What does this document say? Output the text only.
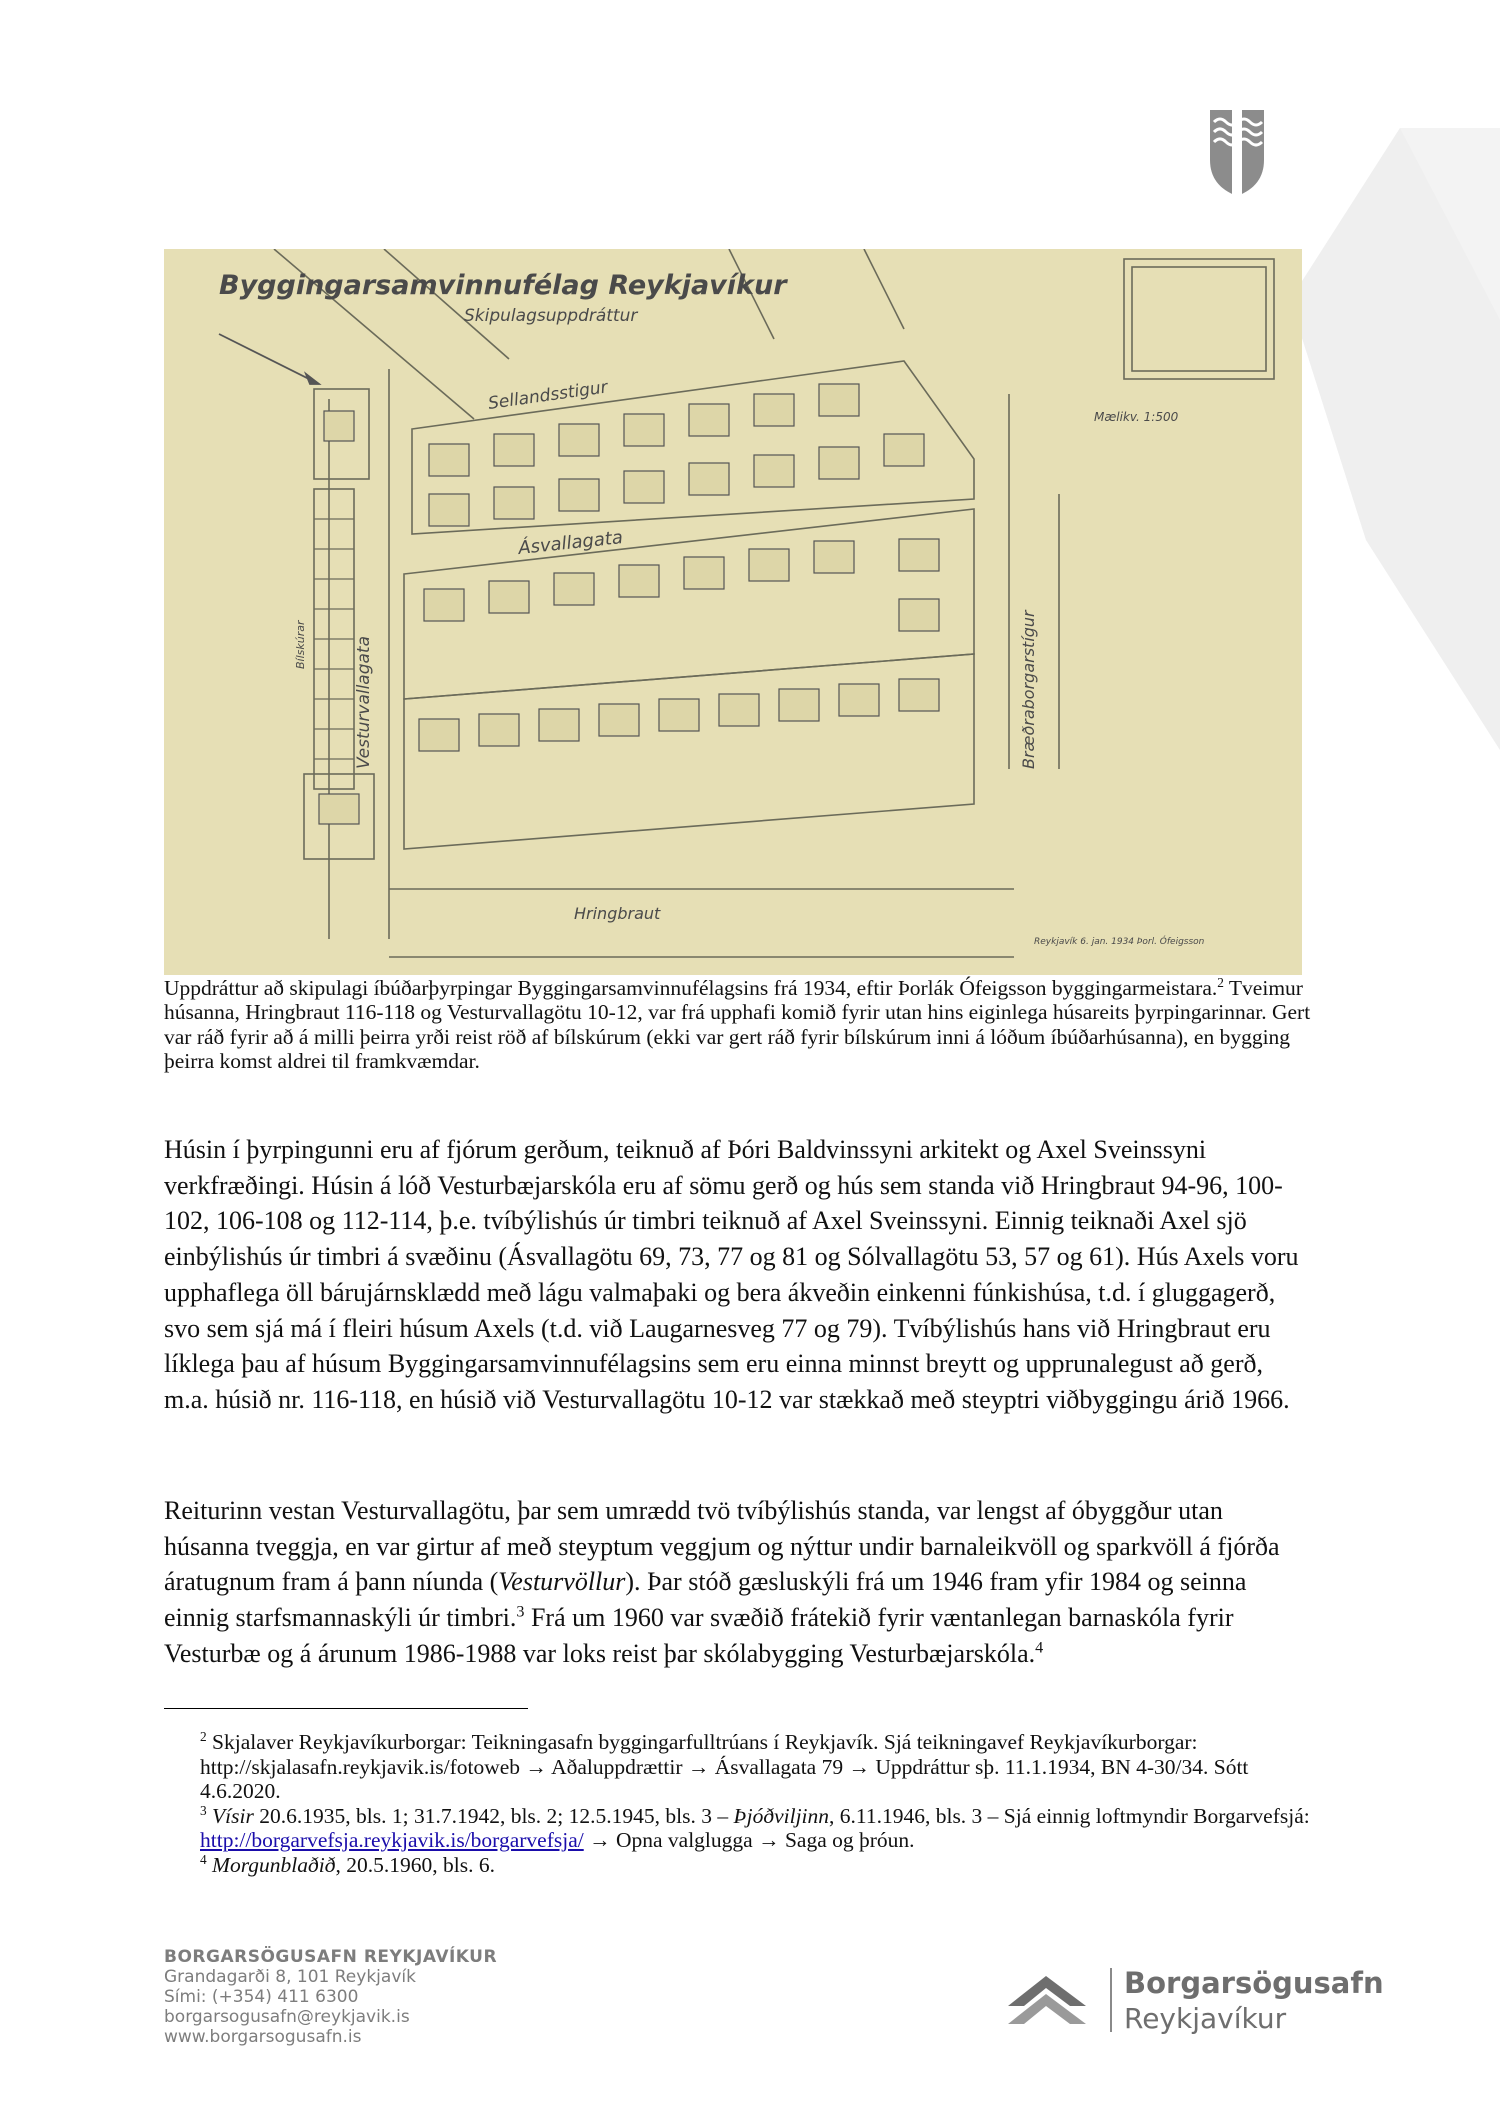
Byggingarsamvinnufélag Reykjavíkur
Skipulagsuppdráttur
Sellandsstigur
Ásvallagata
Vesturvallagata	Bræðraborgarstígur
Hringbraut
Bílskúrar
Mælikv. 1:500
Reykjavík 6. jan. 1934 Þorl. Ófeigsson
Uppdráttur að skipulagi íbúðarþyrpingar Byggingarsamvinnufélagsins frá 1934, eftir Þorlák Ófeigsson byggingarmeistara.$^2$ Tveimur húsanna, Hringbraut 116-118 og Vesturvallagötu 10-12, var frá upphafi komið fyrir utan hins eiginlega húsareits þyrpingarinnar. Gert var ráð fyrir að á milli þeirra yrði reist röð af bílskúrum (ekki var gert ráð fyrir bílskúrum inni á lóðum íbúðarhúsanna), en bygging þeirra komst aldrei til framkvæmdar.
Húsin í þyrpingunni eru af fjórum gerðum, teiknuð af Þóri Baldvinssyni arkitekt og Axel Sveinssyni verkfræðingi. Húsin á lóð Vesturbæjarskóla eru af sömu gerð og hús sem standa við Hringbraut 94-96, 100-102, 106-108 og 112-114, þ.e. tvíbýlishús úr timbri teiknuð af Axel Sveinssyni. Einnig teiknaði Axel sjö einbýlishús úr timbri á svæðinu (Ásvallagötu 69, 73, 77 og 81 og Sólvallagötu 53, 57 og 61). Hús Axels voru upphaflega öll bárujárnsklædd með lágu valmaþaki og bera ákveðin einkenni fúnkishúsa, t.d. í gluggagerð, svo sem sjá má í fleiri húsum Axels (t.d. við Laugarnesveg 77 og 79). Tvíbýlishús hans við Hringbraut eru líklega þau af húsum Byggingarsamvinnufélagsins sem eru einna minnst breytt og upprunalegust að gerð, m.a. húsið nr. 116-118, en húsið við Vesturvallagötu 10-12 var stækkað með steyptri viðbyggingu árið 1966.
Reiturinn vestan Vesturvallagötu, þar sem umrædd tvö tvíbýlishús standa, var lengst af óbyggður utan húsanna tveggja, en var girtur af með steyptum veggjum og nýttur undir barnaleikvöll og sparkvöll á fjórða áratugnum fram á þann níunda (Vesturvöllur). Þar stóð gæsluskýli frá um 1946 fram yfir 1984 og seinna einnig starfsmannaskýli úr timbri.$^3$ Frá um 1960 var svæðið frátekið fyrir væntanlegan barnaskóla fyrir Vesturbæ og á árunum 1986-1988 var loks reist þar skólabygging Vesturbæjarskóla.$^4$

$^2$ Skjalaver Reykjavíkurborgar: Teikningasafn byggingarfulltrúans í Reykjavík. Sjá teikningavef Reykjavíkurborgar: http://skjalasafn.reykjavik.is/fotoweb → Aðaluppdrættir → Ásvallagata 79 → Uppdráttur sþ. 11.1.1934, BN 4-30/34. Sótt 4.6.2020.

$^3$ Vísir 20.6.1935, bls. 1; 31.7.1942, bls. 2; 12.5.1945, bls. 3 – Þjóðviljinn, 6.11.1946, bls. 3 – Sjá einnig loftmyndir Borgarvefsjá: http://borgarvefsja.reykjavik.is/borgarvefsja/ → Opna valglugga → Saga og þróun.

$^4$ Morgunblaðið, 20.5.1960, bls. 6.

BORGARSÖGUSAFN REYKJAVÍKUR
Grandagarði 8, 101 Reykjavík
Sími: (+354) 411 6300
borgarsogusafn@reykjavik.is
www.borgarsogusafn.is
Borgarsögusafn
Reykjavíkur
